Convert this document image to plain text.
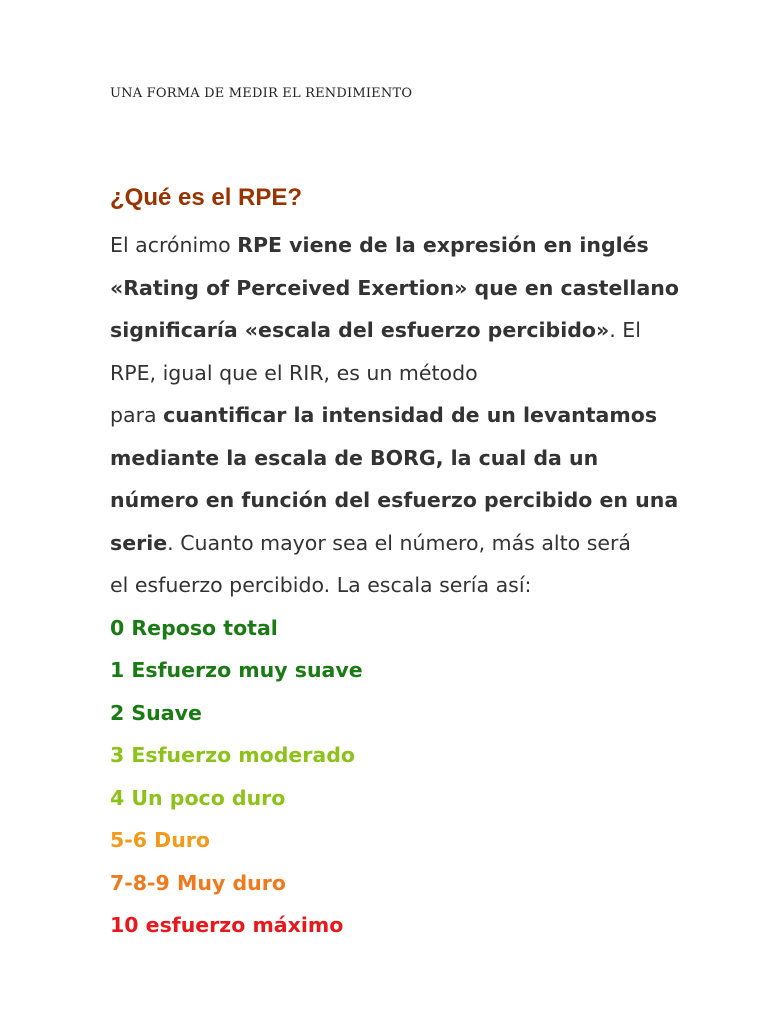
UNA FORMA DE MEDIR EL RENDIMIENTO
¿Qué es el RPE?
El acrónimo RPE viene de la expresión en inglés
«Rating of Perceived Exertion» que en castellano
significaría «escala del esfuerzo percibido». El
RPE, igual que el RIR, es un método
para cuantificar la intensidad de un levantamos
mediante la escala de BORG, la cual da un
número en función del esfuerzo percibido en una
serie. Cuanto mayor sea el número, más alto será
el esfuerzo percibido. La escala sería así:
0 Reposo total
1 Esfuerzo muy suave
2 Suave
3 Esfuerzo moderado
4 Un poco duro
5-6 Duro
7-8-9 Muy duro
10 esfuerzo máximo
